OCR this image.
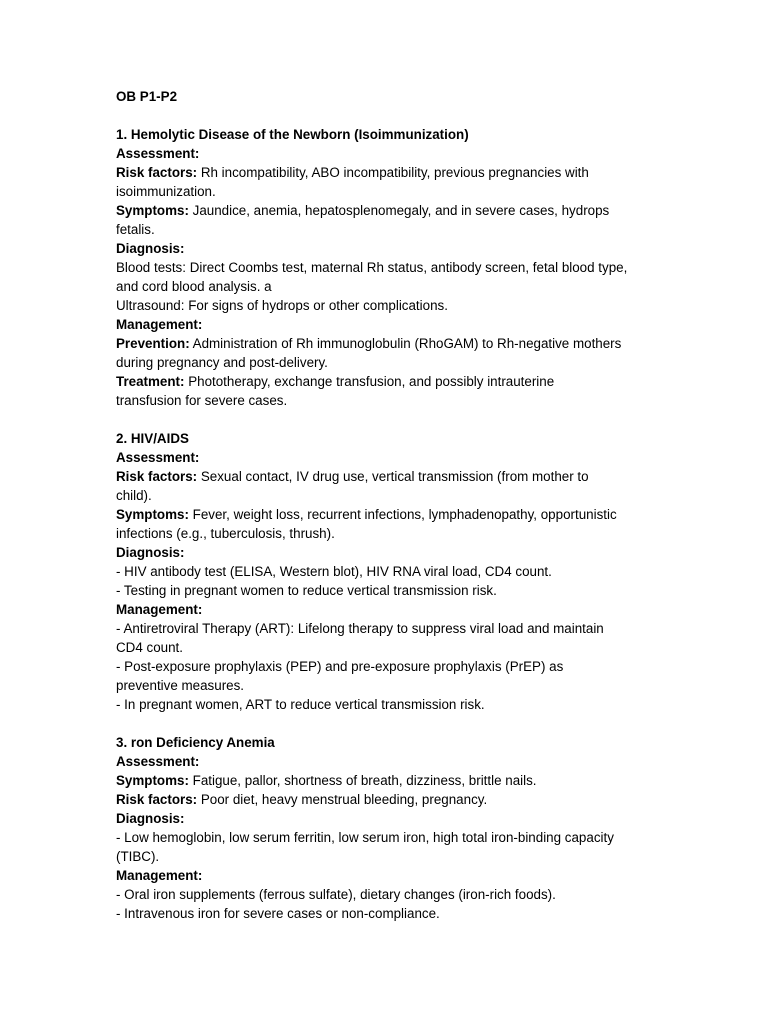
OB P1-P2
1. Hemolytic Disease of the Newborn (Isoimmunization)
Assessment:
Risk factors: Rh incompatibility, ABO incompatibility, previous pregnancies with
isoimmunization.
Symptoms: Jaundice, anemia, hepatosplenomegaly, and in severe cases, hydrops
fetalis.
Diagnosis:
Blood tests: Direct Coombs test, maternal Rh status, antibody screen, fetal blood type,
and cord blood analysis. a
Ultrasound: For signs of hydrops or other complications.
Management:
Prevention: Administration of Rh immunoglobulin (RhoGAM) to Rh-negative mothers
during pregnancy and post-delivery.
Treatment: Phototherapy, exchange transfusion, and possibly intrauterine
transfusion for severe cases.
2. HIV/AIDS
Assessment:
Risk factors: Sexual contact, IV drug use, vertical transmission (from mother to
child).
Symptoms: Fever, weight loss, recurrent infections, lymphadenopathy, opportunistic
infections (e.g., tuberculosis, thrush).
Diagnosis:
- HIV antibody test (ELISA, Western blot), HIV RNA viral load, CD4 count.
- Testing in pregnant women to reduce vertical transmission risk.
Management:
- Antiretroviral Therapy (ART): Lifelong therapy to suppress viral load and maintain
CD4 count.
- Post-exposure prophylaxis (PEP) and pre-exposure prophylaxis (PrEP) as
preventive measures.
- In pregnant women, ART to reduce vertical transmission risk.
3. ron Deficiency Anemia
Assessment:
Symptoms: Fatigue, pallor, shortness of breath, dizziness, brittle nails.
Risk factors: Poor diet, heavy menstrual bleeding, pregnancy.
Diagnosis:
- Low hemoglobin, low serum ferritin, low serum iron, high total iron-binding capacity
(TIBC).
Management:
- Oral iron supplements (ferrous sulfate), dietary changes (iron-rich foods).
- Intravenous iron for severe cases or non-compliance.
